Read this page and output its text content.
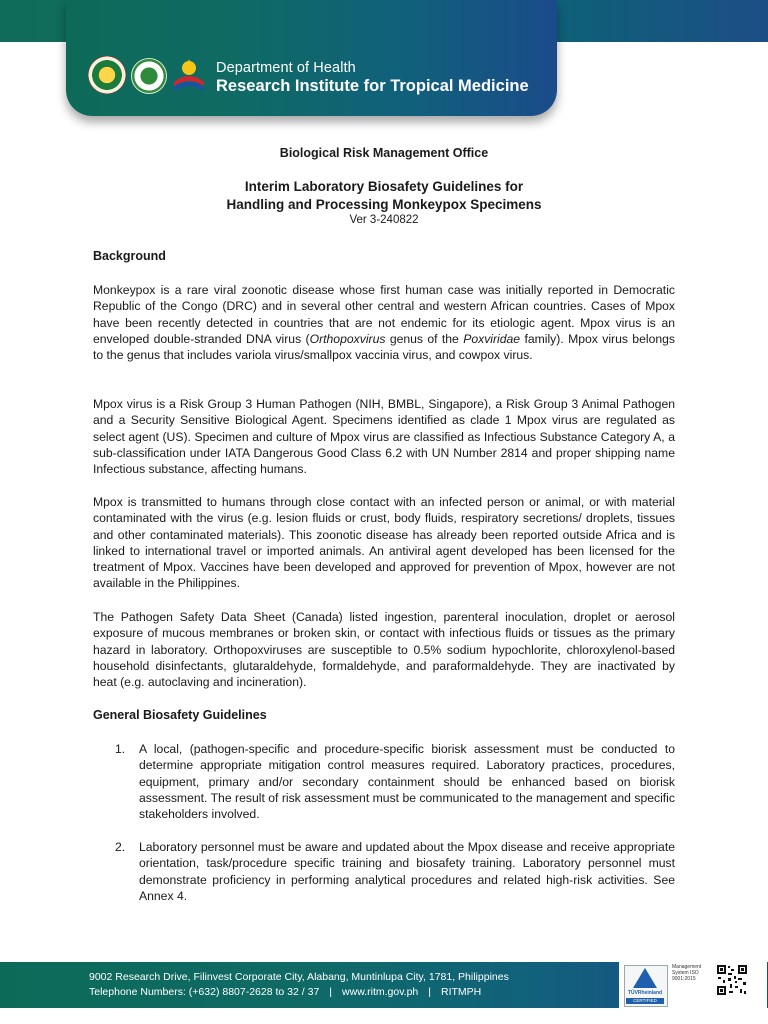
Department of Health
Research Institute for Tropical Medicine
Biological Risk Management Office
Interim Laboratory Biosafety Guidelines for
Handling and Processing Monkeypox Specimens
Ver 3-240822
Background
Monkeypox is a rare viral zoonotic disease whose first human case was initially reported in Democratic Republic of the Congo (DRC) and in several other central and western African countries. Cases of Mpox have been recently detected in countries that are not endemic for its etiologic agent. Mpox virus is an enveloped double-stranded DNA virus (Orthopoxvirus genus of the Poxviridae family). Mpox virus belongs to the genus that includes variola virus/smallpox vaccinia virus, and cowpox virus.
Mpox virus is a Risk Group 3 Human Pathogen (NIH, BMBL, Singapore), a Risk Group 3 Animal Pathogen and a Security Sensitive Biological Agent. Specimens identified as clade 1 Mpox virus are regulated as select agent (US). Specimen and culture of Mpox virus are classified as Infectious Substance Category A, a sub-classification under IATA Dangerous Good Class 6.2 with UN Number 2814 and proper shipping name Infectious substance, affecting humans.
Mpox is transmitted to humans through close contact with an infected person or animal, or with material contaminated with the virus (e.g. lesion fluids or crust, body fluids, respiratory secretions/ droplets, tissues and other contaminated materials). This zoonotic disease has already been reported outside Africa and is linked to international travel or imported animals. An antiviral agent developed has been licensed for the treatment of Mpox. Vaccines have been developed and approved for prevention of Mpox, however are not available in the Philippines.
The Pathogen Safety Data Sheet (Canada) listed ingestion, parenteral inoculation, droplet or aerosol exposure of mucous membranes or broken skin, or contact with infectious fluids or tissues as the primary hazard in laboratory. Orthopoxviruses are susceptible to 0.5% sodium hypochlorite, chloroxylenol-based household disinfectants, glutaraldehyde, formaldehyde, and paraformaldehyde. They are inactivated by heat (e.g. autoclaving and incineration).
General Biosafety Guidelines
1. A local, (pathogen-specific and procedure-specific biorisk assessment must be conducted to determine appropriate mitigation control measures required. Laboratory practices, procedures, equipment, primary and/or secondary containment should be enhanced based on biorisk assessment. The result of risk assessment must be communicated to the management and specific stakeholders involved.
2. Laboratory personnel must be aware and updated about the Mpox disease and receive appropriate orientation, task/procedure specific training and biosafety training. Laboratory personnel must demonstrate proficiency in performing analytical procedures and related high-risk activities. See Annex 4.
9002 Research Drive, Filinvest Corporate City, Alabang, Muntinlupa City, 1781, Philippines
Telephone Numbers: (+632) 8807-2628 to 32 / 37 | www.ritm.gov.ph | RITMPH	TÜVRheinland
CERTIFIED
Management System ISO 9001:2015
